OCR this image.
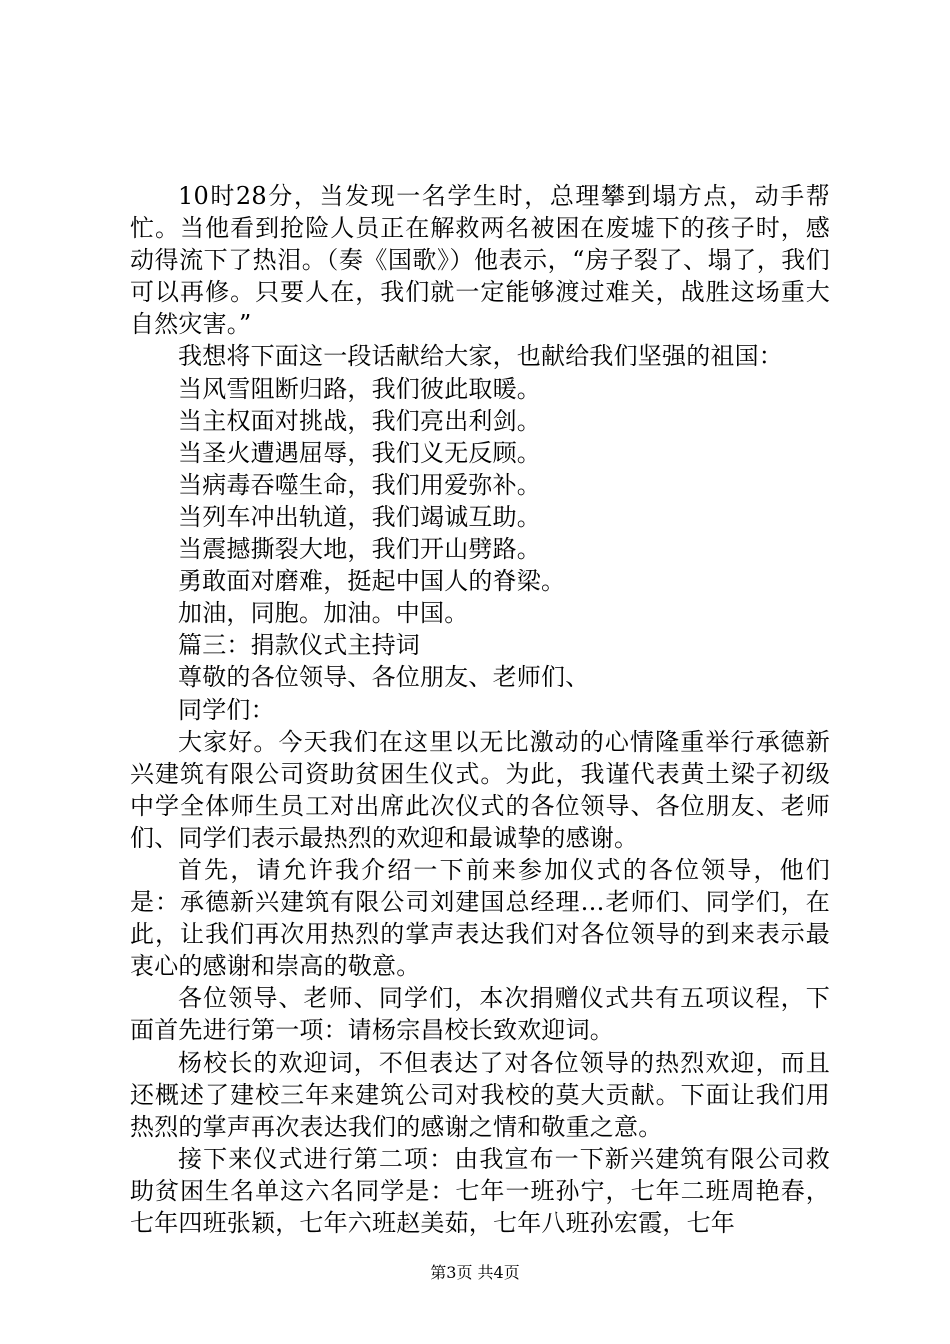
10时28分，当发现一名学生时，总理攀到塌方点，动手帮忙。当他看到抢险人员正在解救两名被困在废墟下的孩子时，感动得流下了热泪。（奏《国歌》）他表示，“房子裂了、塌了，我们可以再修。只要人在，我们就一定能够渡过难关，战胜这场重大自然灾害。”

我想将下面这一段话献给大家，也献给我们坚强的祖国：

当风雪阻断归路，我们彼此取暖。

当主权面对挑战，我们亮出利剑。

当圣火遭遇屈辱，我们义无反顾。

当病毒吞噬生命，我们用爱弥补。

当列车冲出轨道，我们竭诚互助。

当震撼撕裂大地，我们开山劈路。

勇敢面对磨难，挺起中国人的脊梁。

加油，同胞。加油。中国。

篇三：捐款仪式主持词

尊敬的各位领导、各位朋友、老师们、

同学们：

大家好。今天我们在这里以无比激动的心情隆重举行承德新兴建筑有限公司资助贫困生仪式。为此，我谨代表黄土梁子初级中学全体师生员工对出席此次仪式的各位领导、各位朋友、老师们、同学们表示最热烈的欢迎和最诚挚的感谢。

首先，请允许我介绍一下前来参加仪式的各位领导，他们是：承德新兴建筑有限公司刘建国总经理…老师们、同学们，在此，让我们再次用热烈的掌声表达我们对各位领导的到来表示最衷心的感谢和崇高的敬意。

各位领导、老师、同学们，本次捐赠仪式共有五项议程，下面首先进行第一项：请杨宗昌校长致欢迎词。

杨校长的欢迎词，不但表达了对各位领导的热烈欢迎，而且还概述了建校三年来建筑公司对我校的莫大贡献。下面让我们用热烈的掌声再次表达我们的感谢之情和敬重之意。

接下来仪式进行第二项：由我宣布一下新兴建筑有限公司救助贫困生名单这六名同学是：七年一班孙宁，七年二班周艳春，七年四班张颖，七年六班赵美茹，七年八班孙宏霞，七年

第3页 共4页
